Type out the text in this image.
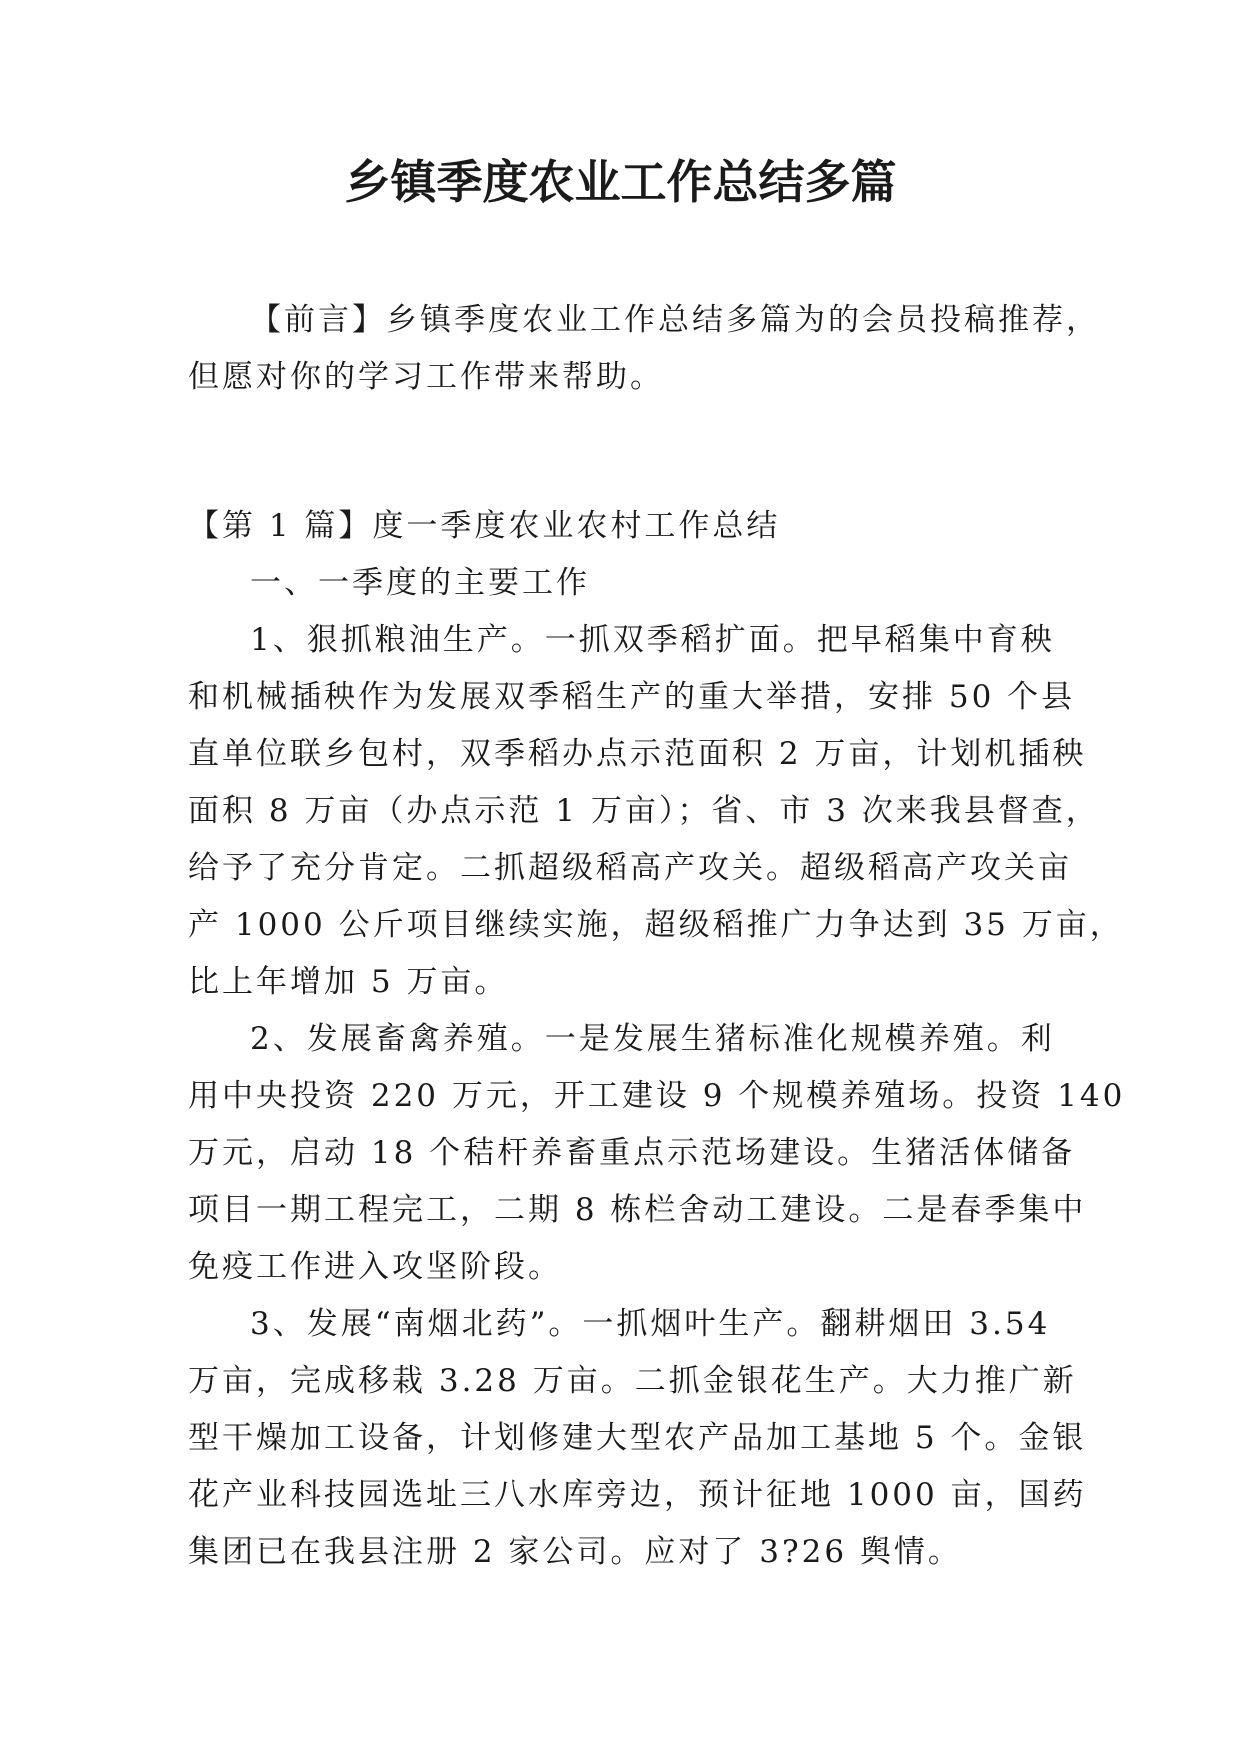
乡镇季度农业工作总结多篇

【前言】乡镇季度农业工作总结多篇为的会员投稿推荐，
但愿对你的学习工作带来帮助。

【第 1 篇】度一季度农业农村工作总结

一、一季度的主要工作

1、狠抓粮油生产。一抓双季稻扩面。把早稻集中育秧
和机械插秧作为发展双季稻生产的重大举措，安排 50 个县
直单位联乡包村，双季稻办点示范面积 2 万亩，计划机插秧
面积 8 万亩（办点示范 1 万亩）；省、市 3 次来我县督查，
给予了充分肯定。二抓超级稻高产攻关。超级稻高产攻关亩
产 1000 公斤项目继续实施，超级稻推广力争达到 35 万亩，
比上年增加 5 万亩。

2、发展畜禽养殖。一是发展生猪标准化规模养殖。利
用中央投资 220 万元，开工建设 9 个规模养殖场。投资 140
万元，启动 18 个秸杆养畜重点示范场建设。生猪活体储备
项目一期工程完工，二期 8 栋栏舍动工建设。二是春季集中
免疫工作进入攻坚阶段。

3、发展“南烟北药”。一抓烟叶生产。翻耕烟田 3.54
万亩，完成移栽 3.28 万亩。二抓金银花生产。大力推广新
型干燥加工设备，计划修建大型农产品加工基地 5 个。金银
花产业科技园选址三八水库旁边，预计征地 1000 亩，国药
集团已在我县注册 2 家公司。应对了 3?26 舆情。
